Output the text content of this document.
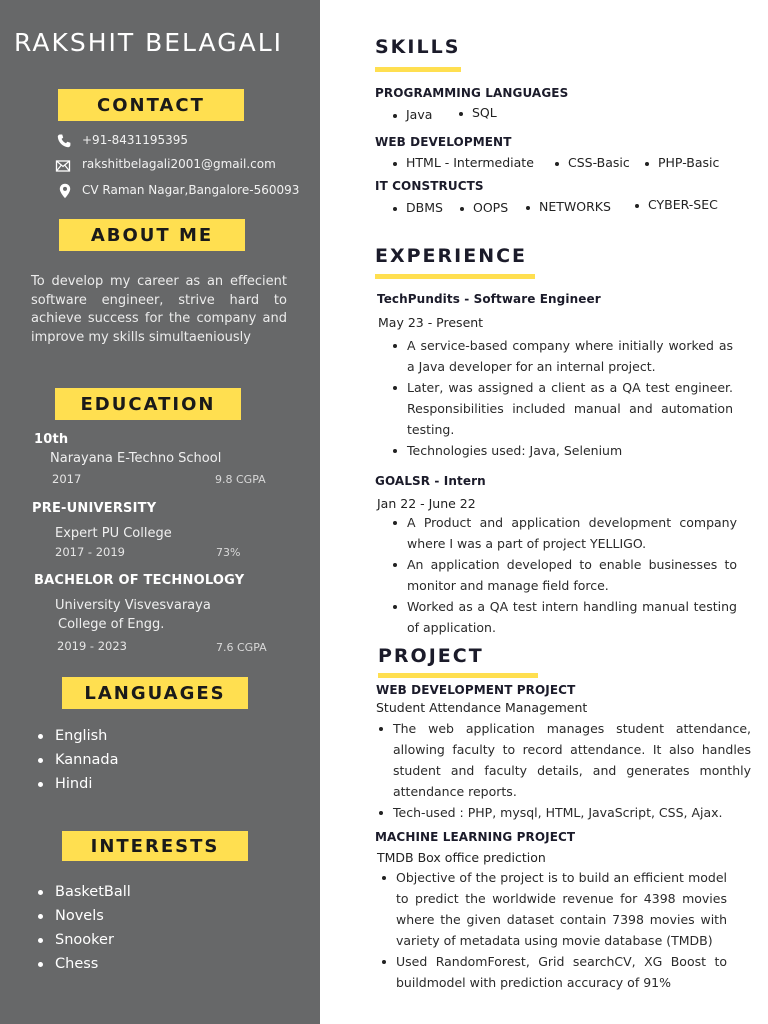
RAKSHIT BELAGALI
CONTACT
+91-8431195395
rakshitbelagali2001@gmail.com
CV Raman Nagar,Bangalore-560093
ABOUT ME
To develop my career as an effecient software engineer, strive hard to achieve success for the company and improve my skills simultaeniously
EDUCATION
10th
Narayana E-Techno School
2017	9.8 CGPA
PRE-UNIVERSITY
Expert PU College
2017 - 2019	73%
BACHELOR OF TECHNOLOGY
University Visvesvaraya
College of Engg.
2019 - 2023	7.6 CGPA
LANGUAGES
English
Kannada
Hindi
INTERESTS
BasketBall
Novels
Snooker
Chess
SKILLS
PROGRAMMING LANGUAGES
Java	SQL
WEB DEVELOPMENT
HTML - Intermediate	CSS-Basic PHP-Basic
IT CONSTRUCTS
DBMS OOPS NETWORKS	CYBER-SEC
EXPERIENCE
TechPundits - Software Engineer
May 23 - Present
A service-based company where initially worked as a Java developer for an internal project.
Later, was assigned a client as a QA test engineer. Responsibilities included manual and automation testing.
Technologies used: Java, Selenium
GOALSR - Intern
Jan 22 - June 22
A Product and application development company where I was a part of project YELLIGO.
An application developed to enable businesses to monitor and manage field force.
Worked as a QA test intern handling manual testing of application.
PROJECT
WEB DEVELOPMENT PROJECT
Student Attendance Management
The web application manages student attendance, allowing faculty to record attendance. It also handles student and faculty details, and generates monthly attendance reports.
Tech-used : PHP, mysql, HTML, JavaScript, CSS, Ajax.
MACHINE LEARNING PROJECT
TMDB Box office prediction
Objective of the project is to build an efficient model to predict the worldwide revenue for 4398 movies where the given dataset contain 7398 movies with variety of metadata using movie database (TMDB)
Used RandomForest, Grid searchCV, XG Boost to buildmodel with prediction accuracy of 91%
